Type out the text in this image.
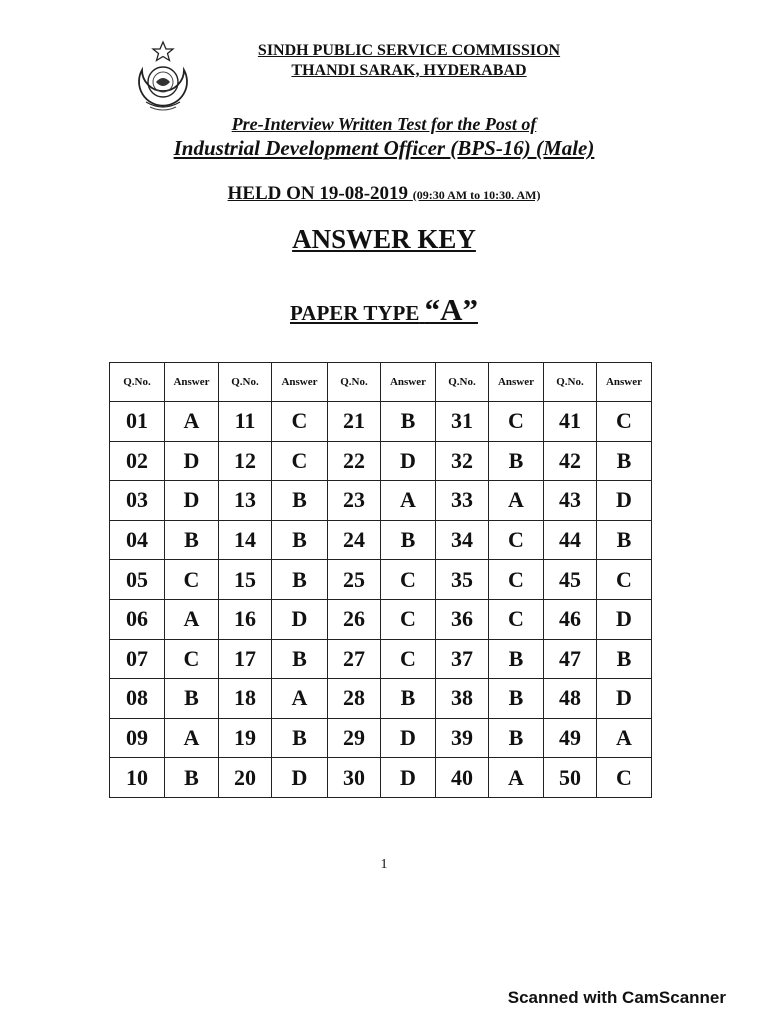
SINDH PUBLIC SERVICE COMMISSION
THANDI SARAK, HYDERABAD
Pre-Interview Written Test for the Post of
Industrial Development Officer (BPS-16) (Male)
HELD ON 19-08-2019 (09:30 AM to 10:30. AM)
ANSWER KEY
PAPER TYPE “A”
Q.No.	Answer	Q.No.	Answer	Q.No.	Answer	Q.No.	Answer	Q.No.	Answer
01	A	11	C	21	B	31	C	41	C
02	D	12	C	22	D	32	B	42	B
03	D	13	B	23	A	33	A	43	D
04	B	14	B	24	B	34	C	44	B
05	C	15	B	25	C	35	C	45	C
06	A	16	D	26	C	36	C	46	D
07	C	17	B	27	C	37	B	47	B
08	B	18	A	28	B	38	B	48	D
09	A	19	B	29	D	39	B	49	A
10	B	20	D	30	D	40	A	50	C
1
Scanned with CamScanner
